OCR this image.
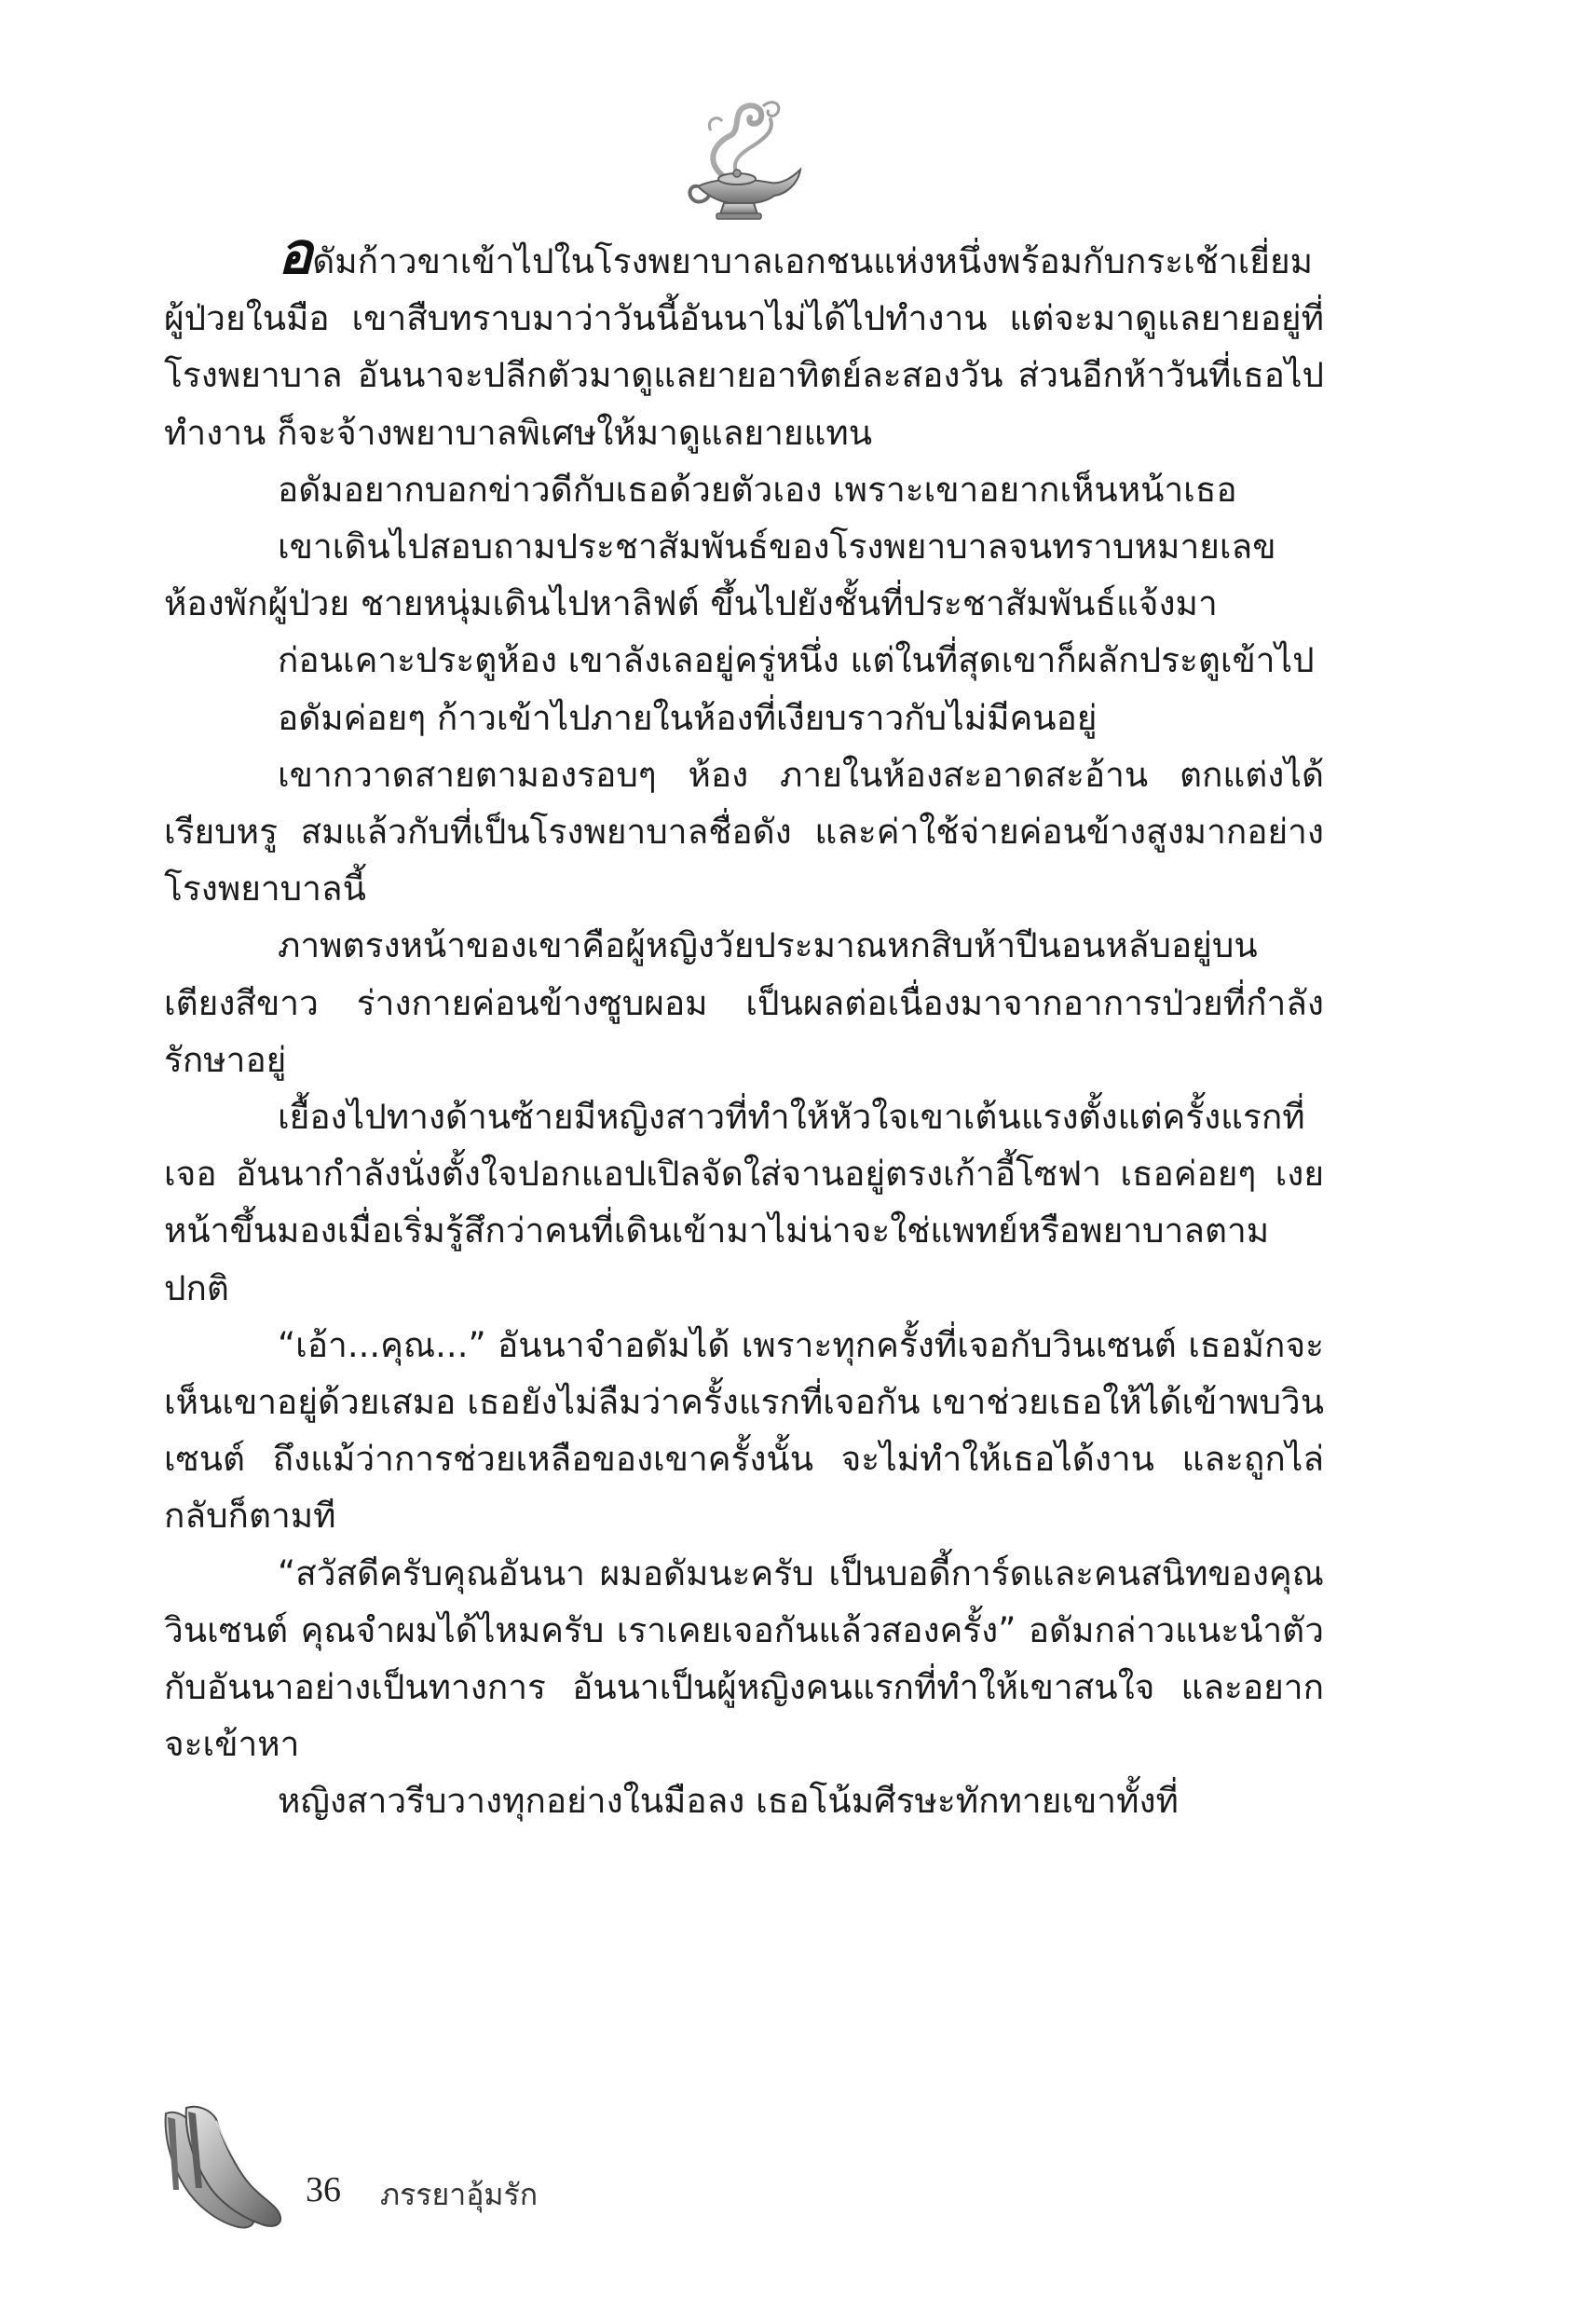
อดัมก้าวขาเข้าไปในโรงพยาบาลเอกชนแห่งหนึ่งพร้อมกับกระเช้าเยี่ยมผู้ป่วยในมือ เขาสืบทราบมาว่าวันนี้อันนาไม่ได้ไปทำงาน แต่จะมาดูแลยายอยู่ที่โรงพยาบาล อันนาจะปลีกตัวมาดูแลยายอาทิตย์ละสองวัน ส่วนอีกห้าวันที่เธอไปทำงาน ก็จะจ้างพยาบาลพิเศษให้มาดูแลยายแทน

อดัมอยากบอกข่าวดีกับเธอด้วยตัวเอง เพราะเขาอยากเห็นหน้าเธอ

เขาเดินไปสอบถามประชาสัมพันธ์ของโรงพยาบาลจนทราบหมายเลขห้องพักผู้ป่วย ชายหนุ่มเดินไปหาลิฟต์ ขึ้นไปยังชั้นที่ประชาสัมพันธ์แจ้งมา

ก่อนเคาะประตูห้อง เขาลังเลอยู่ครู่หนึ่ง แต่ในที่สุดเขาก็ผลักประตูเข้าไป

อดัมค่อยๆ ก้าวเข้าไปภายในห้องที่เงียบราวกับไม่มีคนอยู่

เขากวาดสายตามองรอบๆ ห้อง ภายในห้องสะอาดสะอ้าน ตกแต่งได้เรียบหรู สมแล้วกับที่เป็นโรงพยาบาลชื่อดัง และค่าใช้จ่ายค่อนข้างสูงมากอย่างโรงพยาบาลนี้

ภาพตรงหน้าของเขาคือผู้หญิงวัยประมาณหกสิบห้าปีนอนหลับอยู่บนเตียงสีขาว ร่างกายค่อนข้างซูบผอม เป็นผลต่อเนื่องมาจากอาการป่วยที่กำลังรักษาอยู่

เยื้องไปทางด้านซ้ายมีหญิงสาวที่ทำให้หัวใจเขาเต้นแรงตั้งแต่ครั้งแรกที่เจอ อันนากำลังนั่งตั้งใจปอกแอปเปิลจัดใส่จานอยู่ตรงเก้าอี้โซฟา เธอค่อยๆ เงยหน้าขึ้นมองเมื่อเริ่มรู้สึกว่าคนที่เดินเข้ามาไม่น่าจะใช่แพทย์หรือพยาบาลตามปกติ

“เอ้า...คุณ...” อันนาจำอดัมได้ เพราะทุกครั้งที่เจอกับวินเซนต์ เธอมักจะเห็นเขาอยู่ด้วยเสมอ เธอยังไม่ลืมว่าครั้งแรกที่เจอกัน เขาช่วยเธอให้ได้เข้าพบวินเซนต์ ถึงแม้ว่าการช่วยเหลือของเขาครั้งนั้น จะไม่ทำให้เธอได้งาน และถูกไล่กลับก็ตามที

“สวัสดีครับคุณอันนา ผมอดัมนะครับ เป็นบอดี้การ์ดและคนสนิทของคุณวินเซนต์ คุณจำผมได้ไหมครับ เราเคยเจอกันแล้วสองครั้ง” อดัมกล่าวแนะนำตัวกับอันนาอย่างเป็นทางการ อันนาเป็นผู้หญิงคนแรกที่ทำให้เขาสนใจ และอยากจะเข้าหา

หญิงสาวรีบวางทุกอย่างในมือลง เธอโน้มศีรษะทักทายเขาทั้งที่

36 ภรรยาอุ้มรัก
